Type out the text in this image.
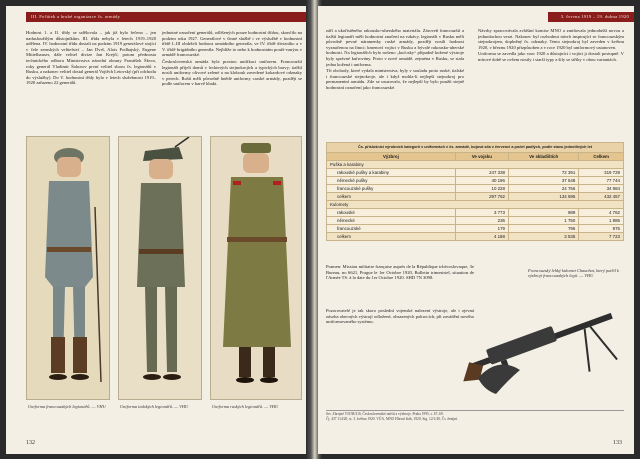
III. Počátek a hrubé organizace čs. armády

Hodnost 1. a II. třídy se udělovala – jak již bylo řečeno – jen nadusloužilým důstojníkům. III. třída nebyla v letech 1919–1920 udělena. IV. hodnostní třídu dostali na podzim 1919 generálové stojící v čele zemských velitelství – Jan Dvrš, Alois Podhajský, Eugene Mittelhauser, dále velitel divize Jan Krejčí, potom přednosta technického odboru Ministerstva národní obrany František Škvor, roky generál Vladimír Šokorov první velitel sboru čs. legionářů v Rusku, a nakonec velitel dostal generál Vojtěch Letovský (při odchodu do výslužby). Do V. hodnostní třídy bylo v letech služebnosti 1919–1920 zařazeno 22 generálů.

jednotné označení generálů, odlišených pouze hodnostní třídou, skončilo na podzim roku 1927. Generálové v činné službě i ve výslužbě v hodnostní třídě I–III obdrželi hodnost armádního generála, ve IV. třídě divizního a v V. třídě brigádního generála. Nejblíže to nebo k hodnostním použi-vanýru v armádě francouzské.

Československá armáda byla prostou unifikaci uniforem. Francouzští legionáři přijeli domů v leckterých stejnokrojích a typických barvy; italští nosili uniformy olivové zelené a na klobouk zavedené kokardové odznaky v perech. Ruští měli původně hnědé uniformy carské armády, později se podle uniforem v barvě khaki.

Uniforma francouzských legionářů. — VHU	Uniforma italských legionářů. — VHU	Uniforma ruských legionářů. — VHU
132
3. června 1919 – 19. dubna 1920

září a ukořistěného rakousko-uherského materiálu. Zároveň francouzští a italští legionáři měli hodnostní značení na rukávy, legionáři v Rusku měli původně pevné náramenky ruské armády, později nosili hodnost vyznačenou na límci; kmenoví vojáci v Rusku a bývalé rakousko-uherské hodnosti. Na legionářích bylo nošeno „kuťosky“ případně kožené výstroje byly správné kufrovány. Proto v nové armádě, zejména v Rusku, se stala jedna kožená i uniforma.

Tři obchody, které vydala ministerstva, byly v souladu proto ruské, italské i francouzské stejnokroje, ale i když mohla-li nejlepší stejnokroj pro permanentní armádu. Zde se usuzovalo, že nejlepší by bylo použít stejně hodnostní označení jako francouzské.

Návrhy zpracovávala zvláštní komise MNO a zmiňovala jednodušší novou a jednoduchou verzi. Nakonec byl rozhodnut návrh inspirující se francouzským stejnokrojem, doplněný čs. odznaky. Tento stejnokroj byl zaveden v květnu 1920, v březnu 1920 přizpůsoben a v roce 1920 byl uniformový ustanoven.

Uniforma se zavedla jako vzor 1920 a důstojníci i vojáci ji dostali postupně. V mírové době se ovšem nosily i starší typy a šily se střihy v obou variantách.

Čs. příslušníci výrobních kategorií v uniformách v čs. armádě, bojová síla v červenci a počet padlých, podle stavu jednotlivých let			
Výzbroj	Ve vojsku	Ve skladištích	Celkem
Puška a karabiny			
rakouské pušky a karabiny	247 338	72 391	319 729
německé pušky	40 196	37 548	77 744
francouzské pušky	10 228	24 756	34 984
celkem	297 762	134 695	432 457
Kulomety			
rakouské	3 773	989	4 762
německé	236	1 750	1 986
francouzské	179	796	975
celkem	4 188	3 535	7 723

Pramen: Mission militaire française auprès de la République tchécoslovaque, 3e Bureau, no 6621, Prague le 1er Octobre 1920, Bulletin trimestriel, situation de l'Armée TS. à la date du 1er Octobre 1920. SHD 7N 3098.

Pozorovatelé je tak skoro poslední vojenské nalezení výstroje, ale i zjevná zásoba obecných výstrojí odložené, obsazených pokrocích, při zavádění nového uniformovaného systému.

Francouzský lehký kulomet Chauchat, který patřil k výzbroji francouzských legií. — VHU

Srv. Zbrojné VII/38/216, Československé ratišti a výzbroje, Praha 1995, s. 67–69.

Čj. 437 114/20, st. 3. května 1920. VÚA, MNO Hlavní štáb, 1920, Sig. 12/1/40, Čs. ženijní.

133
